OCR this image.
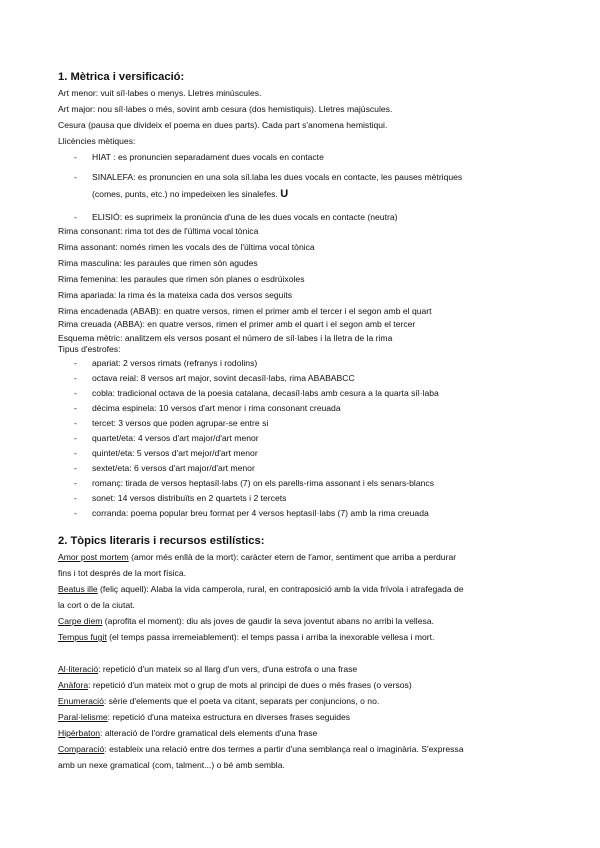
1. Mètrica i versificació:
Art menor: vuit síl·labes o menys. Lletres minúscules.
Art major: nou síl·labes o més, sovint amb cesura (dos hemistiquis). Lletres majúscules.
Cesura (pausa que divideix el poema en dues parts). Cada part s'anomena hemistiqui.
Llicències mètiques:
- HIAT : es pronuncien separadament dues vocals en contacte
- SINALEFA: es pronuncien en una sola síl.laba les dues vocals en contacte, les pauses mètriques
(comes, punts, etc.) no impedeixen les sinalefes. U
- ELISIÓ: es suprimeix la pronúncia d'una de les dues vocals en contacte (neutra)
Rima consonant: rima tot des de l'última vocal tònica
Rima assonant: només rimen les vocals des de l'última vocal tònica
Rima masculina: les paraules que rimen són agudes
Rima femenina: les paraules que rimen són planes o esdrúixoles
Rima apariada: la rima és la mateixa cada dos versos seguits
Rima encadenada (ABAB): en quatre versos, rimen el primer amb el tercer i el segon amb el quart
Rima creuada (ABBA): en quatre versos, rimen el primer amb el quart i el segon amb el tercer
Esquema mètric: analitzem els versos posant el número de síl·labes i la lletra de la rima
Tipus d'estrofes:
- apariat: 2 versos rimats (refranys i rodolins)
- octava reial: 8 versos art major, sovint decasíl·labs, rima ABABABCC
- cobla: tradicional octava de la poesia catalana, decasíl·labs amb cesura a la quarta síl·laba
- dècima espinela: 10 versos d'art menor i rima consonant creuada
- tercet: 3 versos que poden agrupar-se entre si
- quartet/eta: 4 versos d'art major/d'art menor
- quintet/eta: 5 versos d'art mejor/d'art menor
- sextet/eta: 6 versos d'art major/d'art menor
- romanç: tirada de versos heptasíl·labs (7) on els parells-rima assonant i els senars-blancs
- sonet: 14 versos distribuïts en 2 quartets i 2 tercets
- corranda: poema popular breu format per 4 versos heptasíl·labs (7) amb la rima creuada
2. Tòpics literaris i recursos estilístics:
Amor post mortem (amor més enllà de la mort): caràcter etern de l'amor, sentiment que arriba a perdurar
fins i tot després de la mort física.
Beatus ille (feliç aquell): Alaba la vida camperola, rural, en contraposició amb la vida frívola i atrafegada de
la cort o de la ciutat.
Carpe diem (aprofita el moment): diu als joves de gaudir la seva joventut abans no arribi la vellesa.
Tempus fugit (el temps passa irremeiablement): el temps passa i arriba la inexorable vellesa i mort.
Al·literació: repetició d'un mateix so al llarg d'un vers, d'una estrofa o una frase
Anàfora: repetició d'un mateix mot o grup de mots al principi de dues o més frases (o versos)
Enumeració: sèrie d'elements que el poeta va citant, separats per conjuncions, o no.
Paral·lelisme: repetició d'una mateixa estructura en diverses frases seguides
Hipèrbaton: alteració de l'ordre gramatical dels elements d'una frase
Comparació: estableix una relació entre dos termes a partir d'una semblança real o imaginària. S'expressa
amb un nexe gramatical (com, talment...) o bé amb sembla.
